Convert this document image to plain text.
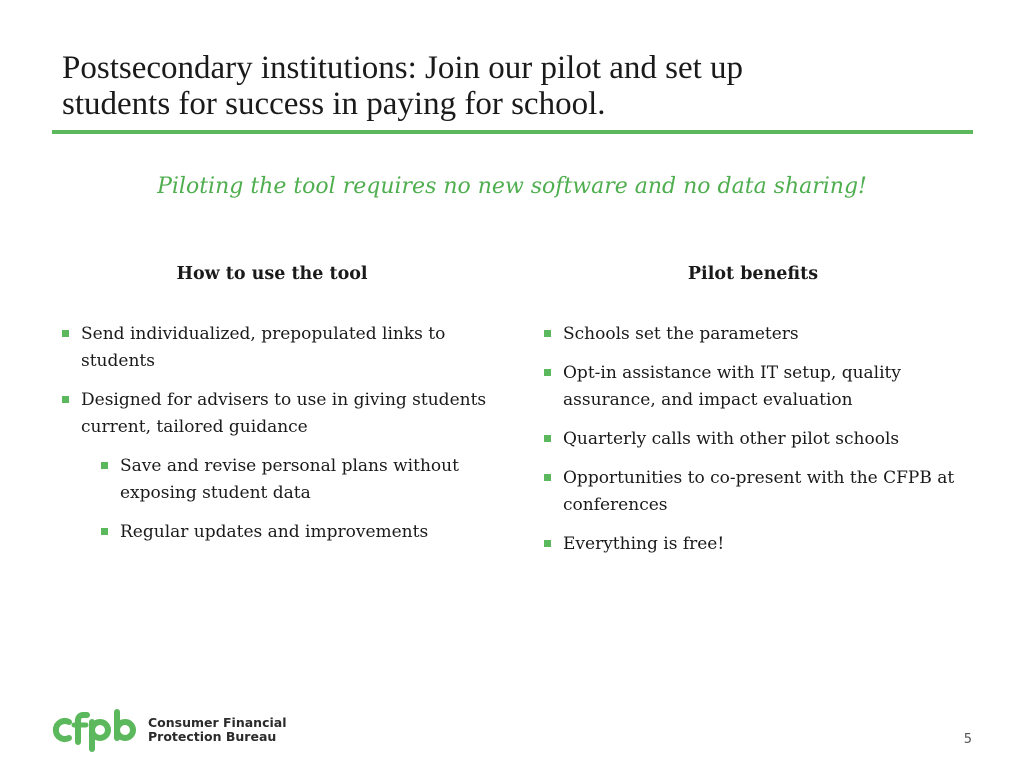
Postsecondary institutions: Join our pilot and set up
students for success in paying for school.
Piloting the tool requires no new software and no data sharing!
How to use the tool	Pilot benefits
Send individualized, prepopulated links to students
Designed for advisers to use in giving students current, tailored guidance
Save and revise personal plans without exposing student data
Regular updates and improvements
Schools set the parameters
Opt-in assistance with IT setup, quality assurance, and impact evaluation
Quarterly calls with other pilot schools
Opportunities to co-present with the CFPB at conferences
Everything is free!
Consumer Financial
Protection Bureau	5
